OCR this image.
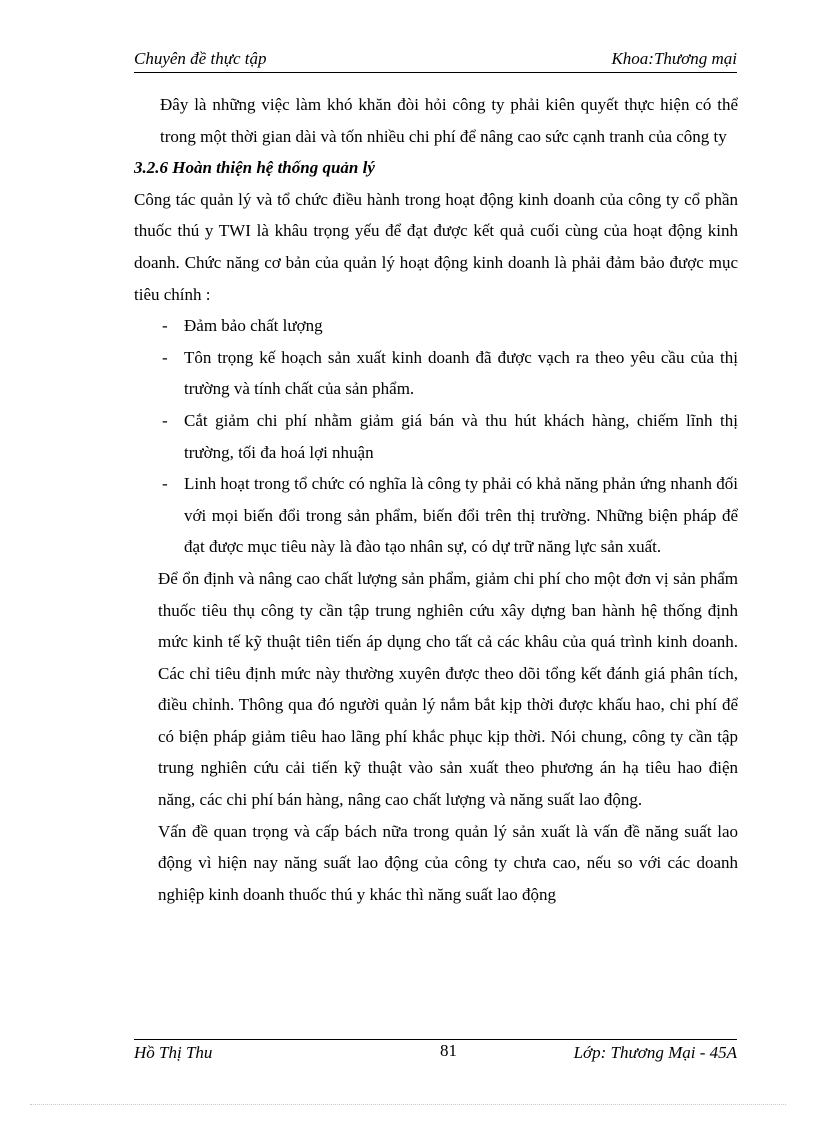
Chuyên đề thực tập	Khoa:Thương mại

Đây là những việc làm khó khăn đòi hỏi công ty phải kiên quyết thực hiện có thể trong một thời gian dài và tốn nhiều chi phí để nâng cao sức cạnh tranh của công ty

3.2.6 Hoàn thiện hệ thống quản lý

Công tác quản lý và tổ chức điều hành trong hoạt động kinh doanh của công ty cổ phần thuốc thú y TWI là khâu trọng yếu để đạt được kết quả cuối cùng của hoạt động kinh doanh. Chức năng cơ bản của quản lý hoạt động kinh doanh là phải đảm bảo được mục tiêu chính :

- Đảm bảo chất lượng
- Tôn trọng kế hoạch sản xuất kinh doanh đã được vạch ra theo yêu cầu của thị trường và tính chất của sản phẩm.
- Cắt giảm chi phí nhằm giảm giá bán và thu hút khách hàng, chiếm lĩnh thị trường, tối đa hoá lợi nhuận
- Linh hoạt trong tổ chức có nghĩa là công ty phải có khả năng phản ứng nhanh đối với mọi biến đổi trong sản phẩm, biến đổi trên thị trường. Những biện pháp để đạt được mục tiêu này là đào tạo nhân sự, có dự trữ năng lực sản xuất.

Để ổn định và nâng cao chất lượng sản phẩm, giảm chi phí cho một đơn vị sản phẩm thuốc tiêu thụ công ty cần tập trung nghiên cứu xây dựng ban hành hệ thống định mức kinh tế kỹ thuật tiên tiến áp dụng cho tất cả các khâu của quá trình kinh doanh. Các chỉ tiêu định mức này thường xuyên được theo dõi tổng kết đánh giá phân tích, điều chỉnh. Thông qua đó người quản lý nắm bắt kịp thời được khấu hao, chi phí để có biện pháp giảm tiêu hao lãng phí khắc phục kịp thời. Nói chung, công ty cần tập trung nghiên cứu cải tiến kỹ thuật vào sản xuất theo phương án hạ tiêu hao điện năng, các chi phí bán hàng, nâng cao chất lượng và năng suất lao động.

Vấn đề quan trọng và cấp bách nữa trong quản lý sản xuất là vấn đề năng suất lao động vì hiện nay năng suất lao động của công ty chưa cao, nếu so với các doanh nghiệp kinh doanh thuốc thú y khác thì năng suất lao động

Hồ Thị Thu	81	Lớp: Thương Mại - 45A
